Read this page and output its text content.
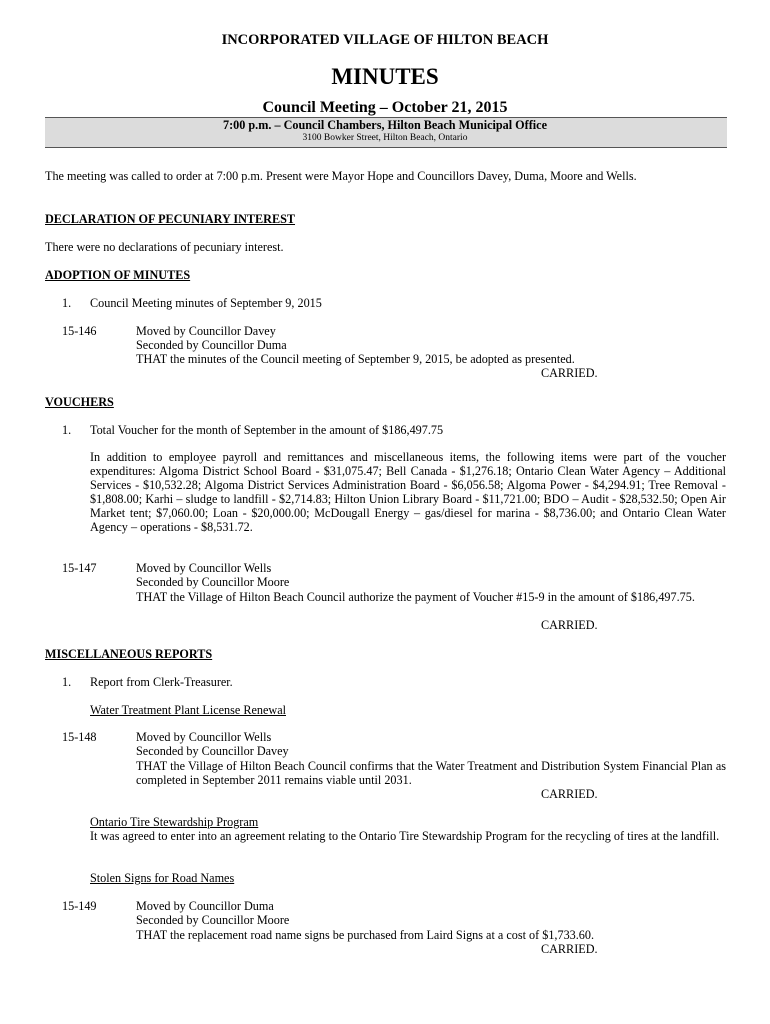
INCORPORATED VILLAGE OF HILTON BEACH

MINUTES

Council Meeting – October 21, 2015

7:00 p.m. – Council Chambers, Hilton Beach Municipal Office

3100 Bowker Street, Hilton Beach, Ontario

The meeting was called to order at 7:00 p.m. Present were Mayor Hope and Councillors Davey, Duma, Moore and Wells.

DECLARATION OF PECUNIARY INTEREST

There were no declarations of pecuniary interest.

ADOPTION OF MINUTES

1. Council Meeting minutes of September 9, 2015

15-146	Moved by Councillor Davey

Seconded by Councillor Duma

THAT the minutes of the Council meeting of September 9, 2015, be adopted as presented.

CARRIED.

VOUCHERS

1. Total Voucher for the month of September in the amount of $186,497.75

In addition to employee payroll and remittances and miscellaneous items, the following items were part of the voucher expenditures: Algoma District School Board - $31,075.47; Bell Canada - $1,276.18; Ontario Clean Water Agency – Additional Services - $10,532.28; Algoma District Services Administration Board - $6,056.58; Algoma Power - $4,294.91; Tree Removal - $1,808.00; Karhi – sludge to landfill - $2,714.83; Hilton Union Library Board - $11,721.00; BDO – Audit - $28,532.50; Open Air Market tent; $7,060.00; Loan - $20,000.00; McDougall Energy – gas/diesel for marina - $8,736.00; and Ontario Clean Water Agency – operations - $8,531.72.

15-147	Moved by Councillor Wells

Seconded by Councillor Moore

THAT the Village of Hilton Beach Council authorize the payment of Voucher #15-9 in the amount of $186,497.75.

CARRIED.

MISCELLANEOUS REPORTS

1. Report from Clerk-Treasurer.

Water Treatment Plant License Renewal

15-148	Moved by Councillor Wells

Seconded by Councillor Davey

THAT the Village of Hilton Beach Council confirms that the Water Treatment and Distribution System Financial Plan as completed in September 2011 remains viable until 2031.

CARRIED.

Ontario Tire Stewardship Program

It was agreed to enter into an agreement relating to the Ontario Tire Stewardship Program for the recycling of tires at the landfill.

Stolen Signs for Road Names

15-149	Moved by Councillor Duma

Seconded by Councillor Moore

THAT the replacement road name signs be purchased from Laird Signs at a cost of $1,733.60.

CARRIED.
